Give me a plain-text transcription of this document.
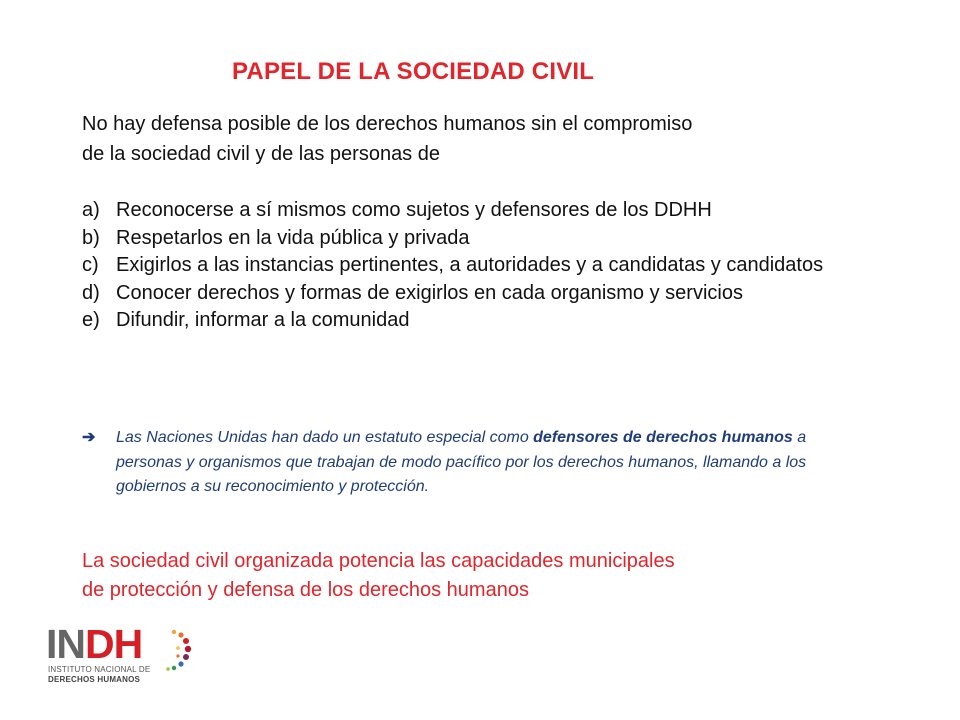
PAPEL DE LA SOCIEDAD CIVIL

No hay defensa posible de los derechos humanos sin el compromiso
de la sociedad civil y de las personas de

a) Reconocerse a sí mismos como sujetos y defensores de los DDHH
b) Respetarlos en la vida pública y privada
c) Exigirlos a las instancias pertinentes, a autoridades y a candidatas y candidatos
d) Conocer derechos y formas de exigirlos en cada organismo y servicios
e) Difundir, informar a la comunidad
➔	Las Naciones Unidas han dado un estatuto especial como defensores de derechos humanos a personas y organismos que trabajan de modo pacífico por los derechos humanos, llamando a los gobiernos a su reconocimiento y protección.

La sociedad civil organizada potencia las capacidades municipales
de protección y defensa de los derechos humanos

INDH
INSTITUTO NACIONAL DE
DERECHOS HUMANOS
